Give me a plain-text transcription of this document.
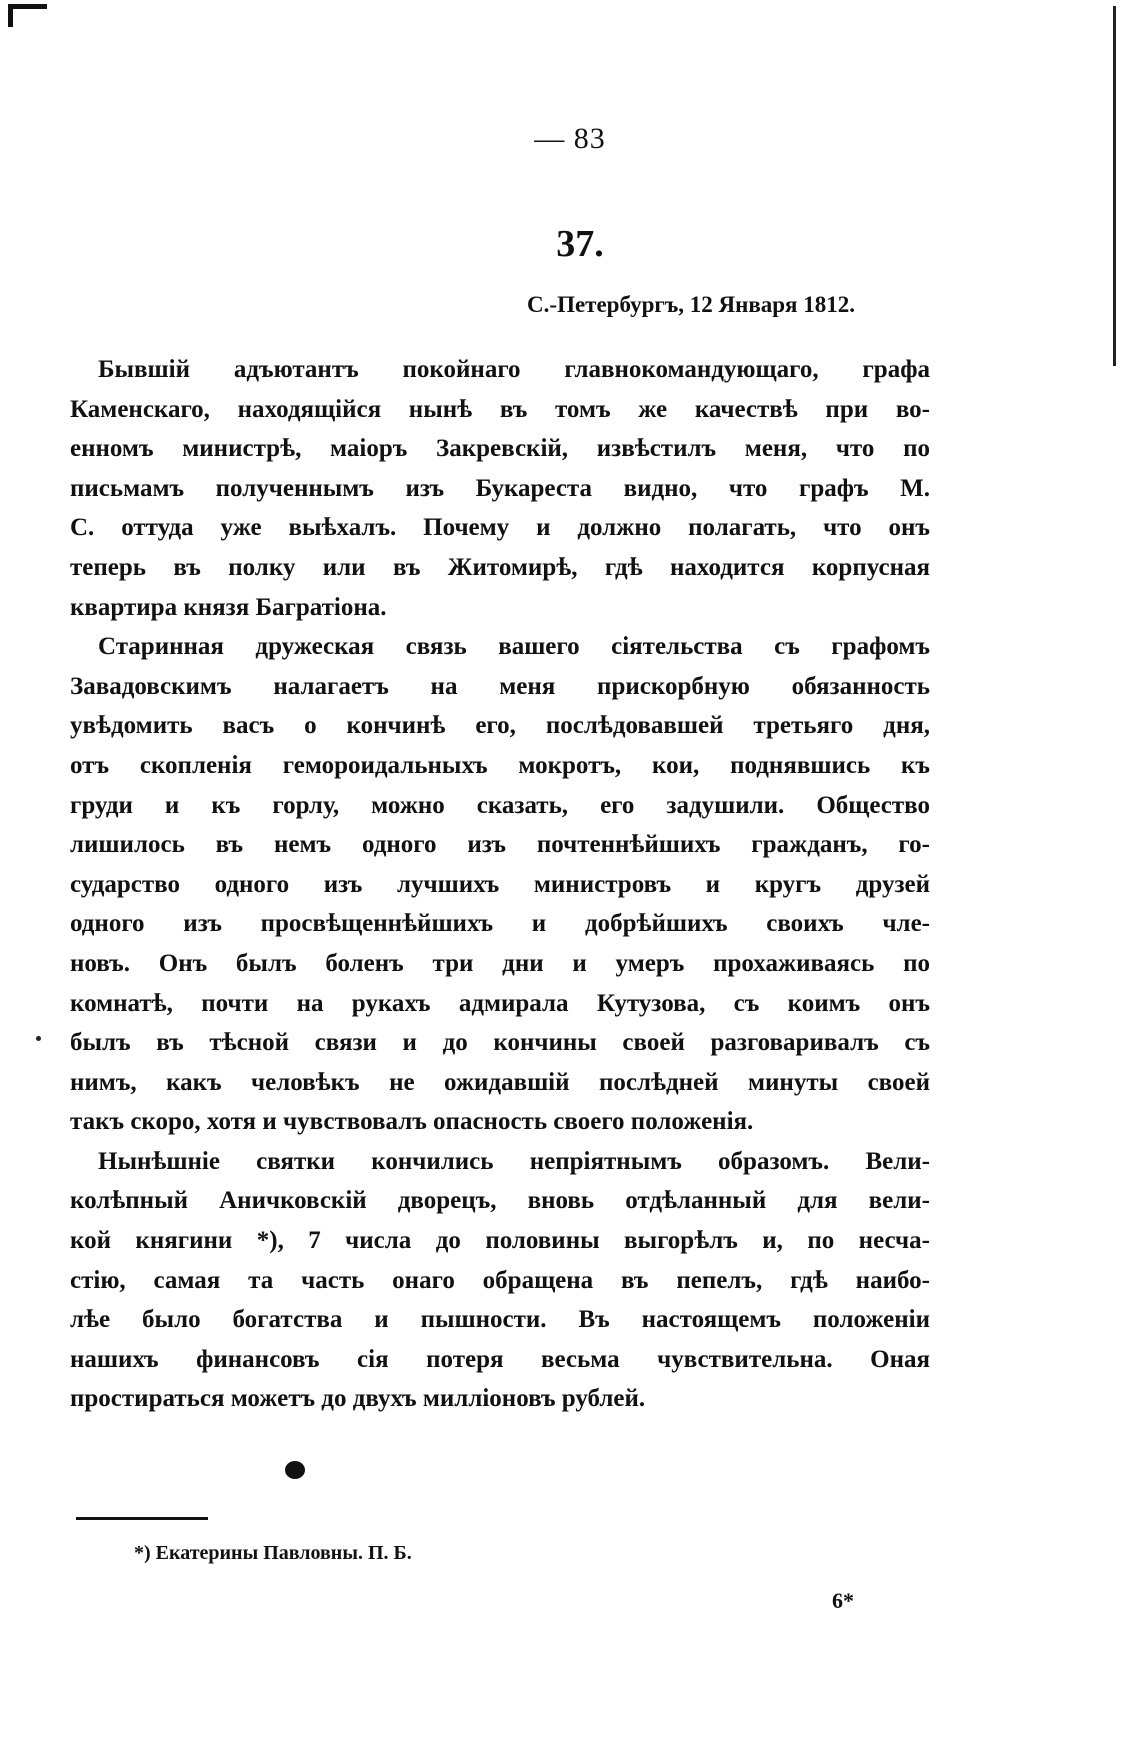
— 83
37.
С.-Петербургъ, 12 Января 1812.
Бывшій адъютантъ покойнаго главнокомандующаго, графа
Каменскаго, находящійся нынѣ въ томъ же качествѣ при во-
енномъ министрѣ, маіоръ Закревскій, извѣстилъ меня, что по
письмамъ полученнымъ изъ Букареста видно, что графъ М.
С. оттуда уже выѣхалъ. Почему и должно полагать, что онъ
теперь въ полку или въ Житомирѣ, гдѣ находится корпусная
квартира князя Багратіона.
Старинная дружеская связь вашего сіятельства съ графомъ
Завадовскимъ налагаетъ на меня прискорбную обязанность
увѣдомить васъ о кончинѣ его, послѣдовавшей третьяго дня,
отъ скопленія гемороидальныхъ мокротъ, кои, поднявшись къ
груди и къ горлу, можно сказать, его задушили. Общество
лишилось въ немъ одного изъ почтеннѣйшихъ гражданъ, го-
сударство одного изъ лучшихъ министровъ и кругъ друзей
одного изъ просвѣщеннѣйшихъ и добрѣйшихъ своихъ чле-
новъ. Онъ былъ боленъ три дни и умеръ прохаживаясь по
комнатѣ, почти на рукахъ адмирала Кутузова, съ коимъ онъ
былъ въ тѣсной связи и до кончины своей разговаривалъ съ
нимъ, какъ человѣкъ не ожидавшій послѣдней минуты своей
такъ скоро, хотя и чувствовалъ опасность своего положенія.
Нынѣшніе святки кончились непріятнымъ образомъ. Вели-
колѣпный Аничковскій дворецъ, вновь отдѣланный для вели-
кой княгини *), 7 числа до половины выгорѣлъ и, по несча-
стію, самая та часть онаго обращена въ пепелъ, гдѣ наибо-
лѣе было богатства и пышности. Въ настоящемъ положеніи
нашихъ финансовъ сія потеря весьма чувствительна. Оная
простираться можетъ до двухъ милліоновъ рублей.
*) Екатерины Павловны. П. Б.
6*
